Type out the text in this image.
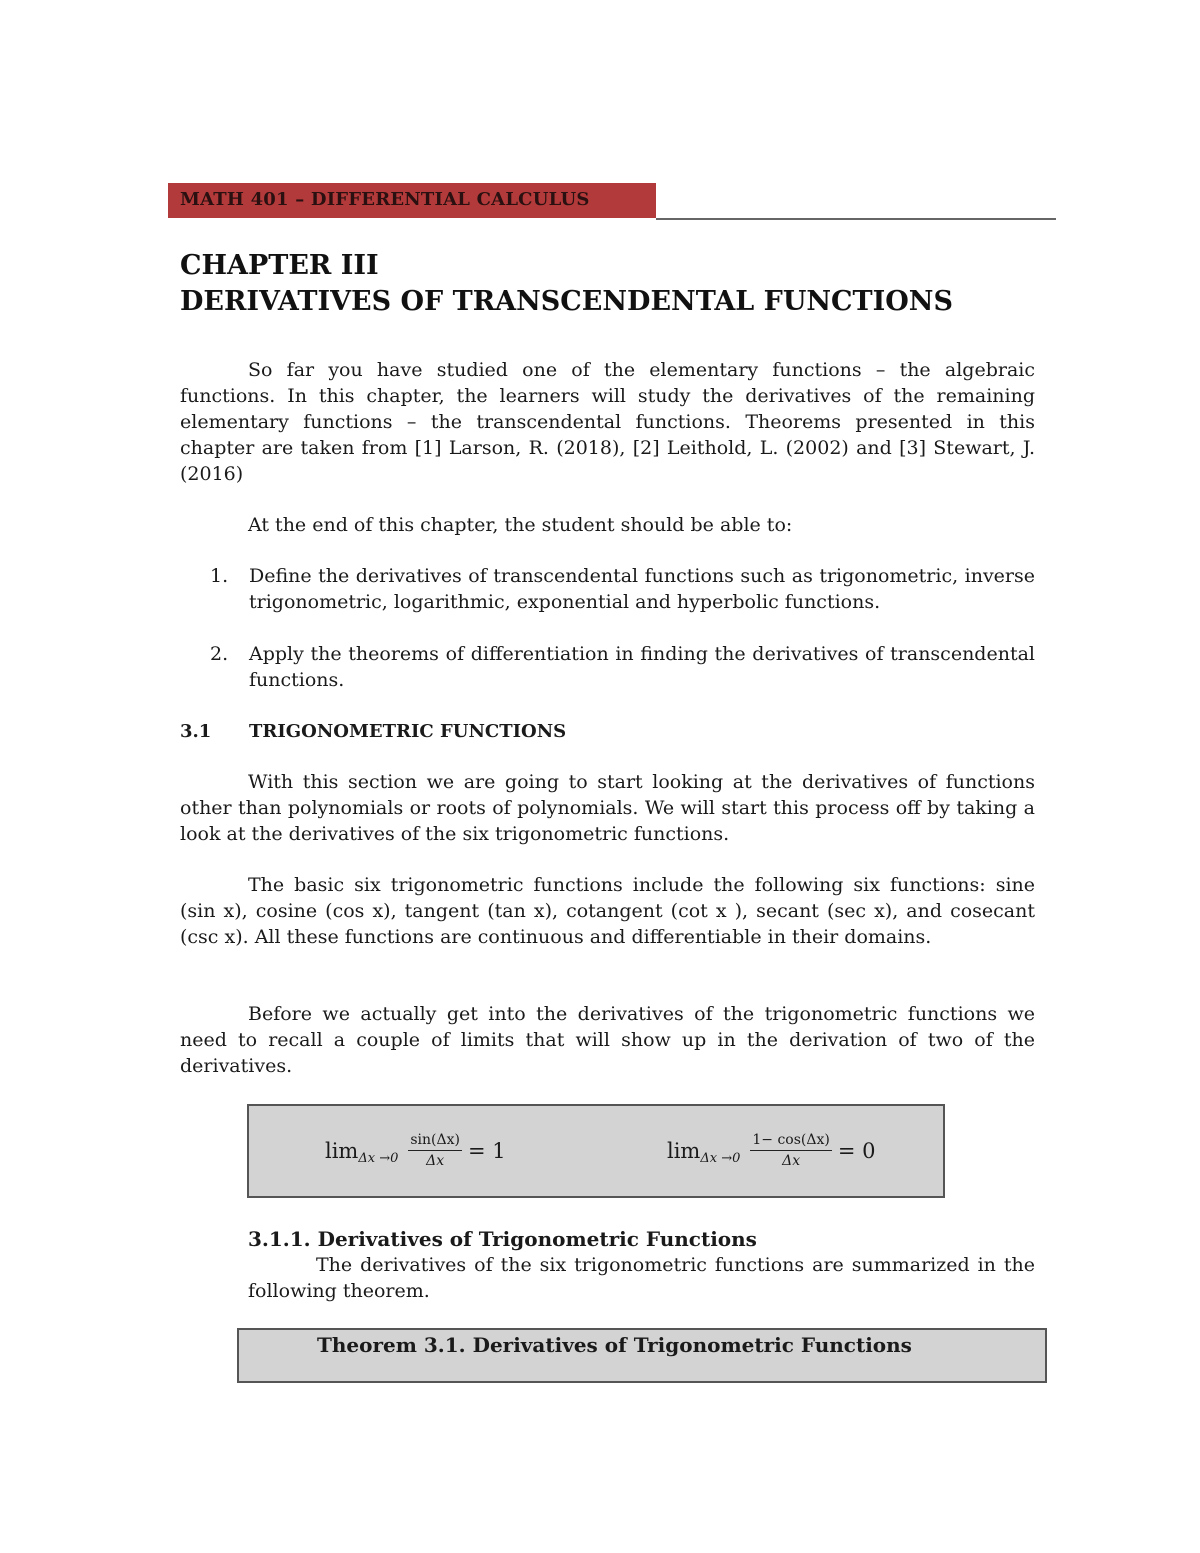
MATH 401 – DIFFERENTIAL CALCULUS
CHAPTER III
DERIVATIVES OF TRANSCENDENTAL FUNCTIONS

So far you have studied one of the elementary functions – the algebraic functions. In this chapter, the learners will study the derivatives of the remaining elementary functions – the transcendental functions. Theorems presented in this chapter are taken from [1] Larson, R. (2018), [2] Leithold, L. (2002) and [3] Stewart, J. (2016)

At the end of this chapter, the student should be able to:

1.	Define the derivatives of transcendental functions such as trigonometric, inverse trigonometric, logarithmic, exponential and hyperbolic functions.
2.	Apply the theorems of differentiation in finding the derivatives of transcendental functions.
3.1 TRIGONOMETRIC FUNCTIONS

With this section we are going to start looking at the derivatives of functions other than polynomials or roots of polynomials. We will start this process off by taking a look at the derivatives of the six trigonometric functions.

The basic six trigonometric functions include the following six functions: sine (sin x), cosine (cos x), tangent (tan x), cotangent (cot x ), secant (sec x), and cosecant (csc x). All these functions are continuous and differentiable in their domains.

Before we actually get into the derivatives of the trigonometric functions we need to recall a couple of limits that will show up in the derivation of two of the derivatives.

$\lim \Delta x \to 0 \frac{\sin(\Delta x)}{\Delta x} = 1$	$\lim \Delta x \to 0 \frac{1- \cos(\Delta x)}{\Delta x} = 0$
3.1.1. Derivatives of Trigonometric Functions

The derivatives of the six trigonometric functions are summarized in the following theorem.

Theorem 3.1. Derivatives of Trigonometric Functions
